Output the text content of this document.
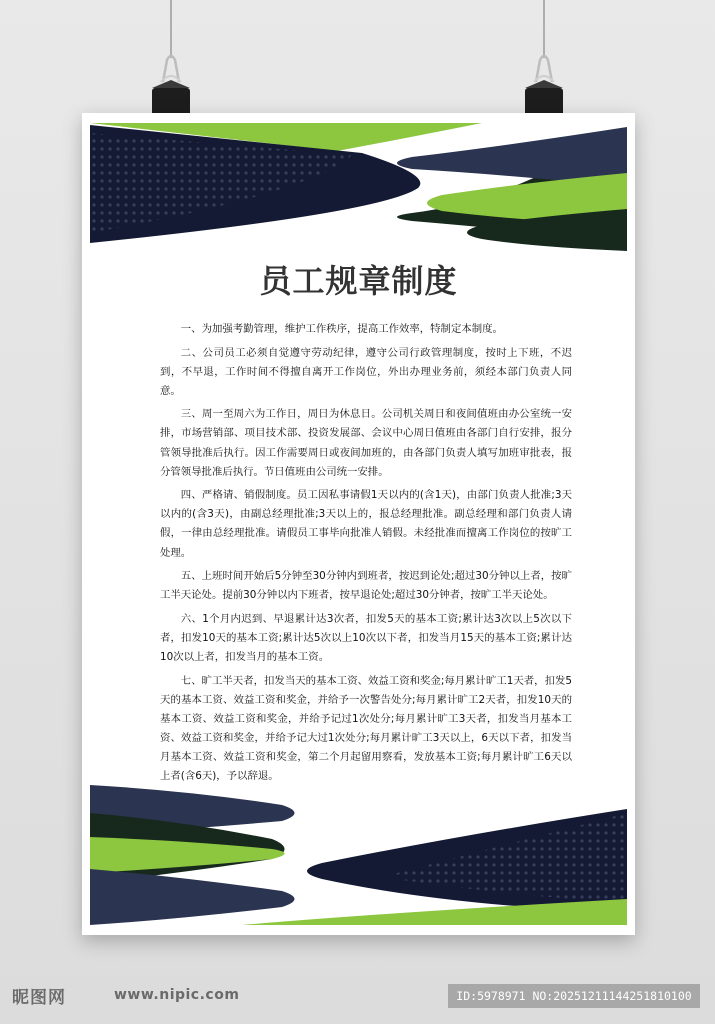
员工规章制度

一、为加强考勤管理，维护工作秩序，提高工作效率，特制定本制度。

二、公司员工必须自觉遵守劳动纪律，遵守公司行政管理制度，按时上下班，不迟到，不早退，工作时间不得擅自离开工作岗位，外出办理业务前，须经本部门负责人同意。

三、周一至周六为工作日，周日为休息日。公司机关周日和夜间值班由办公室统一安排，市场营销部、项目技术部、投资发展部、会议中心周日值班由各部门自行安排，报分管领导批准后执行。因工作需要周日或夜间加班的，由各部门负责人填写加班审批表，报分管领导批准后执行。节日值班由公司统一安排。

四、严格请、销假制度。员工因私事请假1天以内的(含1天)，由部门负责人批准;3天以内的(含3天)，由副总经理批准;3天以上的，报总经理批准。副总经理和部门负责人请假，一律由总经理批准。请假员工事毕向批准人销假。未经批准而擅离工作岗位的按旷工处理。

五、上班时间开始后5分钟至30分钟内到班者，按迟到论处;超过30分钟以上者，按旷工半天论处。提前30分钟以内下班者，按早退论处;超过30分钟者，按旷工半天论处。

六、1个月内迟到、早退累计达3次者，扣发5天的基本工资;累计达3次以上5次以下者，扣发10天的基本工资;累计达5次以上10次以下者，扣发当月15天的基本工资;累计达10次以上者，扣发当月的基本工资。

七、旷工半天者，扣发当天的基本工资、效益工资和奖金;每月累计旷工1天者，扣发5天的基本工资、效益工资和奖金，并给予一次警告处分;每月累计旷工2天者，扣发10天的基本工资、效益工资和奖金，并给予记过1次处分;每月累计旷工3天者，扣发当月基本工资、效益工资和奖金，并给予记大过1次处分;每月累计旷工3天以上，6天以下者，扣发当月基本工资、效益工资和奖金，第二个月起留用察看，发放基本工资;每月累计旷工6天以上者(含6天)，予以辞退。

昵图网	www.nipic.com	ID:5978971 NO:20251211144251810100
